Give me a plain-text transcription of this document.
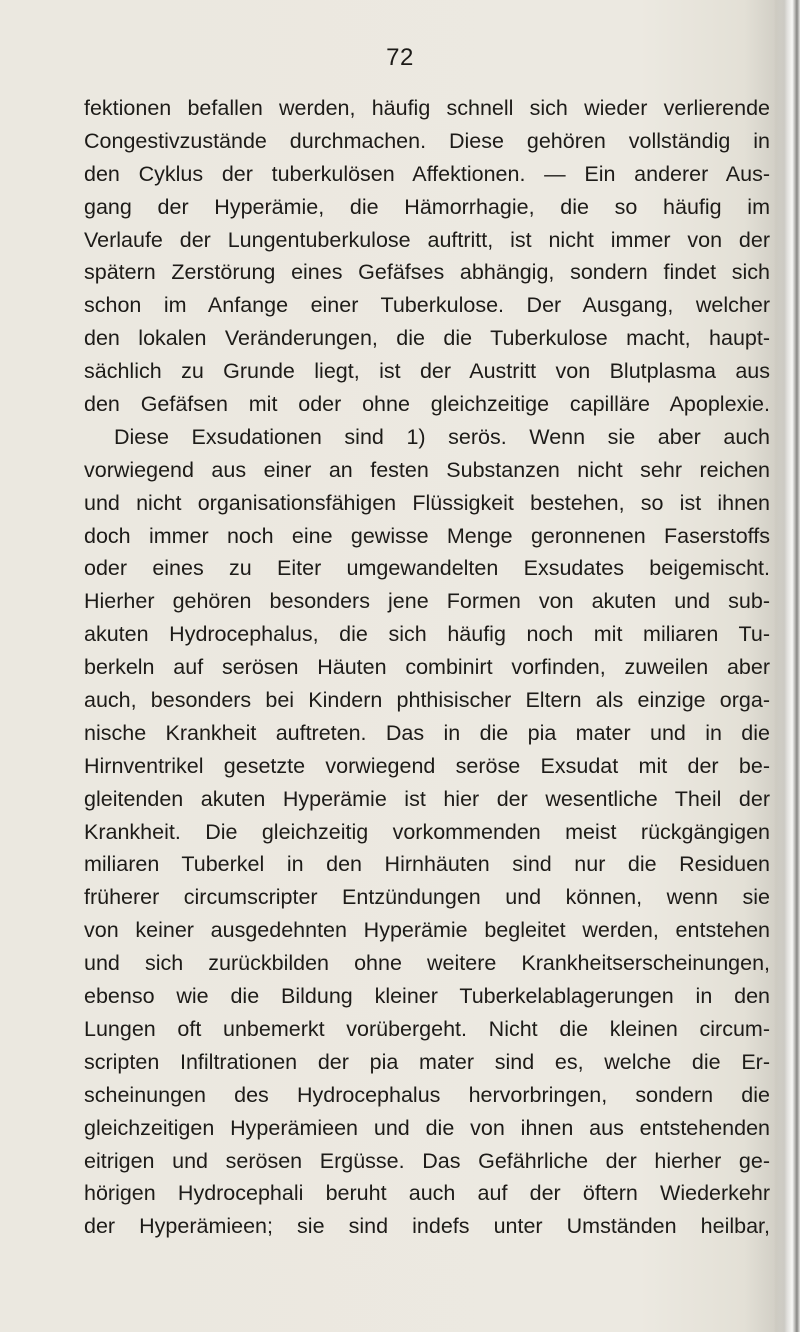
72
fektionen befallen werden, häufig schnell sich wieder verlierende
Congestivzustände durchmachen. Diese gehören vollständig in
den Cyklus der tuberkulösen Affektionen. — Ein anderer Aus-
gang der Hyperämie, die Hämorrhagie, die so häufig im
Verlaufe der Lungentuberkulose auftritt, ist nicht immer von der
spätern Zerstörung eines Gefäfses abhängig, sondern findet sich
schon im Anfange einer Tuberkulose. Der Ausgang, welcher
den lokalen Veränderungen, die die Tuberkulose macht, haupt-
sächlich zu Grunde liegt, ist der Austritt von Blutplasma aus
den Gefäfsen mit oder ohne gleichzeitige capilläre Apoplexie.
Diese Exsudationen sind 1) serös. Wenn sie aber auch
vorwiegend aus einer an festen Substanzen nicht sehr reichen
und nicht organisationsfähigen Flüssigkeit bestehen, so ist ihnen
doch immer noch eine gewisse Menge geronnenen Faserstoffs
oder eines zu Eiter umgewandelten Exsudates beigemischt.
Hierher gehören besonders jene Formen von akuten und sub-
akuten Hydrocephalus, die sich häufig noch mit miliaren Tu-
berkeln auf serösen Häuten combinirt vorfinden, zuweilen aber
auch, besonders bei Kindern phthisischer Eltern als einzige orga-
nische Krankheit auftreten. Das in die pia mater und in die
Hirnventrikel gesetzte vorwiegend seröse Exsudat mit der be-
gleitenden akuten Hyperämie ist hier der wesentliche Theil der
Krankheit. Die gleichzeitig vorkommenden meist rückgängigen
miliaren Tuberkel in den Hirnhäuten sind nur die Residuen
früherer circumscripter Entzündungen und können, wenn sie
von keiner ausgedehnten Hyperämie begleitet werden, entstehen
und sich zurückbilden ohne weitere Krankheitserscheinungen,
ebenso wie die Bildung kleiner Tuberkelablagerungen in den
Lungen oft unbemerkt vorübergeht. Nicht die kleinen circum-
scripten Infiltrationen der pia mater sind es, welche die Er-
scheinungen des Hydrocephalus hervorbringen, sondern die
gleichzeitigen Hyperämieen und die von ihnen aus entstehenden
eitrigen und serösen Ergüsse. Das Gefährliche der hierher ge-
hörigen Hydrocephali beruht auch auf der öftern Wiederkehr
der Hyperämieen; sie sind indefs unter Umständen heilbar,
